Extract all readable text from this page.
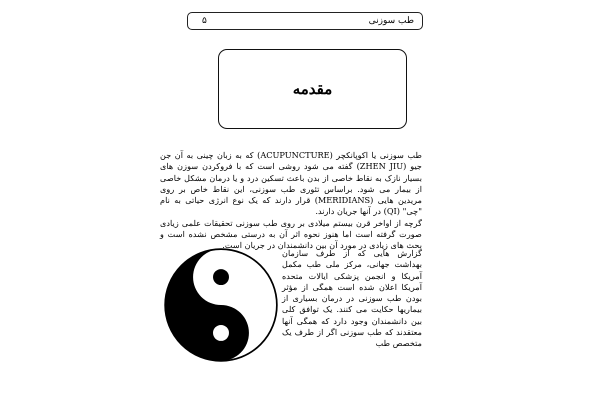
طب سوزنی
۵
مقدمه

طب سوزنی یا اکوپانکچر (ACUPUNCTURE) که به زبان چینی به آن جن جیو (ZHEN JIU) گفته می شود روشی است که با فروکردن سوزن های بسیار نازک به نقاط خاصی از بدن باعث تسکین درد و یا درمان مشکل خاصی از بیمار می شود. براساس تئوری طب سوزنی، این نقاط خاص بر روی مریدین هایی (MERIDIANS) قرار دارند که یک نوع انرژی حیاتی به نام "چی" (QI) در آنها جریان دارند.

گرچه از اواخر قرن بیستم میلادی بر روی طب سوزنی تحقیقات علمی زیادی صورت گرفته است اما هنوز نحوه اثر آن به درستی مشخص نشده است و بحث های زیادی در مورد آن بین دانشمندان در جریان است.

گزارش هایی که از طرف سازمان بهداشت جهانی، مرکز ملی طب مکمل آمریکا و انجمن پزشکی ایالات متحده آمریکا اعلان شده است همگی از مؤثر بودن طب سوزنی در درمان بسیاری از بیماریها حکایت می کنند. یک توافق کلی بین دانشمندان وجود دارد که همگی آنها معتقدند که طب سوزنی اگر از طرف یک متخصص طب
